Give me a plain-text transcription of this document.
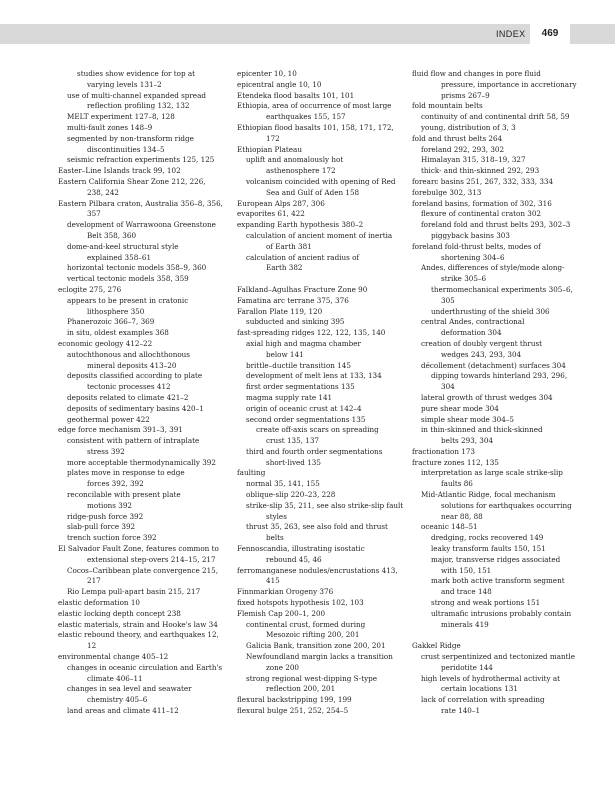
INDEX	469
studies show evidence for top at
varying levels 131–2
use of multi-channel expanded spread
reflection profiling 132, 132
MELT experiment 127–8, 128
multi-fault zones 148–9
segmented by non-transform ridge
discontinuities 134–5
seismic refraction experiments 125, 125
Easter–Line Islands track 99, 102
Eastern California Shear Zone 212, 226,
238, 242
Eastern Pilbara craton, Australia 356–8, 356,
357
development of Warrawoona Greenstone
Belt 358, 360
dome-and-keel structural style
explained 358–61
horizontal tectonic models 358–9, 360
vertical tectonic models 358, 359
eclogite 275, 276
appears to be present in cratonic
lithosphere 350
Phanerozoic 366–7, 369
in situ, oldest examples 368
economic geology 412–22
autochthonous and allochthonous
mineral deposits 413–20
deposits classified according to plate
tectonic processes 412
deposits related to climate 421–2
deposits of sedimentary basins 420–1
geothermal power 422
edge force mechanism 391–3, 391
consistent with pattern of intraplate
stress 392
more acceptable thermodynamically 392
plates move in response to edge
forces 392, 392
reconcilable with present plate
motions 392
ridge-push force 392
slab-pull force 392
trench suction force 392
El Salvador Fault Zone, features common to
extensional step-overs 214–15, 217
Cocos–Caribbean plate convergence 215,
217
Rio Lempa pull-apart basin 215, 217
elastic deformation 10
elastic locking depth concept 238
elastic materials, strain and Hooke's law 34
elastic rebound theory, and earthquakes 12,
12
environmental change 405–12
changes in oceanic circulation and Earth's
climate 406–11
changes in sea level and seawater
chemistry 405–6
land areas and climate 411–12
epicenter 10, 10
epicentral angle 10, 10
Etendeka flood basalts 101, 101
Ethiopia, area of occurrence of most large
earthquakes 155, 157
Ethiopian flood basalts 101, 158, 171, 172,
172
Ethiopian Plateau
uplift and anomalously hot
asthenosphere 172
volcanism coincided with opening of Red
Sea and Gulf of Aden 158
European Alps 287, 306
evaporites 61, 422
expanding Earth hypothesis 380–2
calculation of ancient moment of inertia
of Earth 381
calculation of ancient radius of
Earth 382
Falkland–Agulhas Fracture Zone 90
Famatina arc terrane 375, 376
Farallon Plate 119, 120
subducted and sinking 395
fast-spreading ridges 122, 122, 135, 140
axial high and magma chamber
below 141
brittle–ductile transition 145
development of melt lens at 133, 134
first order segmentations 135
magma supply rate 141
origin of oceanic crust at 142–4
second order segmentations 135
create off-axis scars on spreading
crust 135, 137
third and fourth order segmentations
short-lived 135
faulting
normal 35, 141, 155
oblique-slip 220–23, 228
strike-slip 35, 211, see also strike-slip fault
styles
thrust 35, 263, see also fold and thrust
belts
Fennoscandia, illustrating isostatic
rebound 45, 46
ferromanganese nodules/encrustations 413,
415
Finnmarkian Orogeny 376
fixed hotspots hypothesis 102, 103
Flemish Cap 200–1, 200
continental crust, formed during
Mesozoic rifting 200, 201
Galicia Bank, transition zone 200, 201
Newfoundland margin lacks a transition
zone 200
strong regional west-dipping S-type
reflection 200, 201
flexural backstripping 199, 199
flexural bulge 251, 252, 254–5
fluid flow and changes in pore fluid
pressure, importance in accretionary
prisms 267–9
fold mountain belts
continuity of and continental drift 58, 59
young, distribution of 3, 3
fold and thrust belts 264
foreland 292, 293, 302
Himalayan 315, 318–19, 327
thick- and thin-skinned 292, 293
forearc basins 251, 267, 332, 333, 334
forebulge 302, 313
foreland basins, formation of 302, 316
flexure of continental craton 302
foreland fold and thrust belts 293, 302–3
piggyback basins 303
foreland fold-thrust belts, modes of
shortening 304–6
Andes, differences of style/mode along-
strike 305–6
thermomechanical experiments 305–6,
305
underthrusting of the shield 306
central Andes, contractional
deformation 304
creation of doubly vergent thrust
wedges 243, 293, 304
décollement (detachment) surfaces 304
dipping towards hinterland 293, 296,
304
lateral growth of thrust wedges 304
pure shear mode 304
simple shear mode 304–5
in thin-skinned and thick-skinned
belts 293, 304
fractionation 173
fracture zones 112, 135
interpretation as large scale strike-slip
faults 86
Mid-Atlantic Ridge, focal mechanism
solutions for earthquakes occurring
near 88, 88
oceanic 148–51
dredging, rocks recovered 149
leaky transform faults 150, 151
major, transverse ridges associated
with 150, 151
mark both active transform segment
and trace 148
strong and weak portions 151
ultramafic intrusions probably contain
minerals 419
Gakkel Ridge
crust serpentinized and tectonized mantle
peridotite 144
high levels of hydrothermal activity at
certain locations 131
lack of correlation with spreading
rate 140–1
